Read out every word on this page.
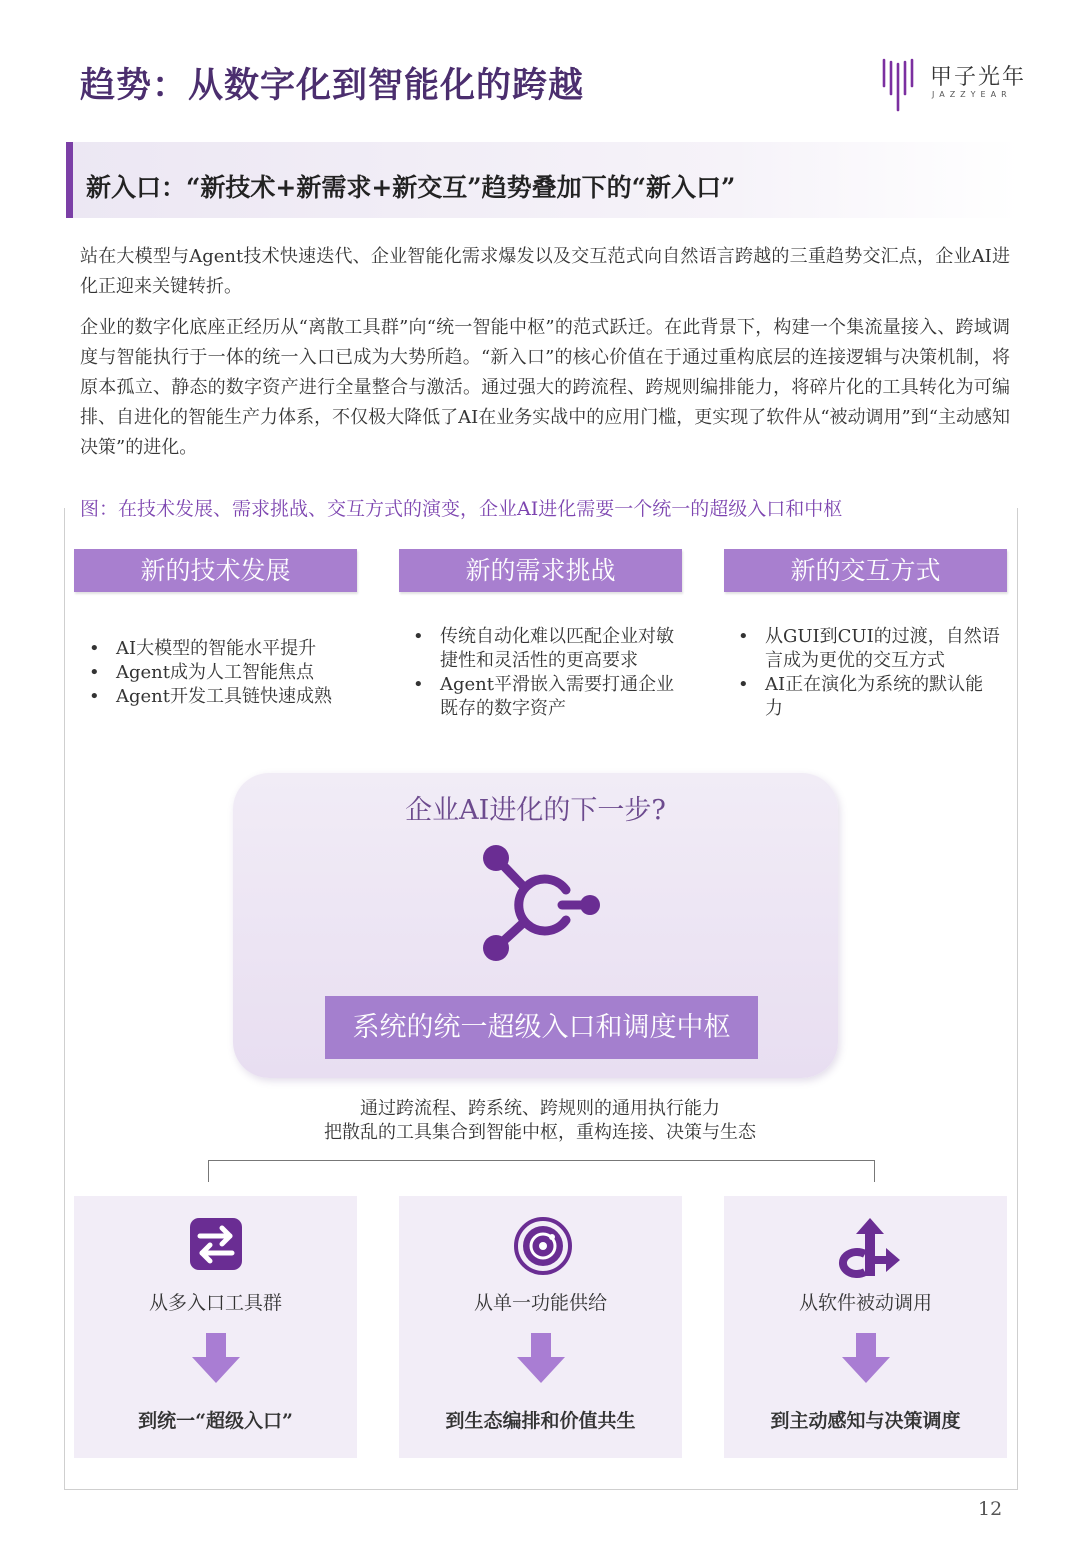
趋势：从数字化到智能化的跨越	甲子光年
JAZZYEAR
新入口：“新技术+新需求+新交互”趋势叠加下的“新入口”

站在大模型与Agent技术快速迭代、企业智能化需求爆发以及交互范式向自然语言跨越的三重趋势交汇点，企业AI进化正迎来关键转折。

企业的数字化底座正经历从“离散工具群”向“统一智能中枢”的范式跃迁。在此背景下，构建一个集流量接入、跨域调度与智能执行于一体的统一入口已成为大势所趋。“新入口”的核心价值在于通过重构底层的连接逻辑与决策机制，将原本孤立、静态的数字资产进行全量整合与激活。通过强大的跨流程、跨规则编排能力，将碎片化的工具转化为可编排、自进化的智能生产力体系，不仅极大降低了AI在业务实战中的应用门槛，更实现了软件从“被动调用”到“主动感知决策”的进化。

图：在技术发展、需求挑战、交互方式的演变，企业AI进化需要一个统一的超级入口和中枢
新的技术发展	新的需求挑战	新的交互方式
• AI大模型的智能水平提升
• Agent成为人工智能焦点
• Agent开发工具链快速成熟
• 传统自动化难以匹配企业对敏捷性和灵活性的更高要求
• Agent平滑嵌入需要打通企业既存的数字资产
• 从GUI到CUI的过渡，自然语言成为更优的交互方式
• AI正在演化为系统的默认能力
企业AI进化的下一步?
系统的统一超级入口和调度中枢
通过跨流程、跨系统、跨规则的通用执行能力
把散乱的工具集合到智能中枢，重构连接、决策与生态
从多入口工具群
到统一“超级入口”
从单一功能供给
到生态编排和价值共生
从软件被动调用
到主动感知与决策调度
12
